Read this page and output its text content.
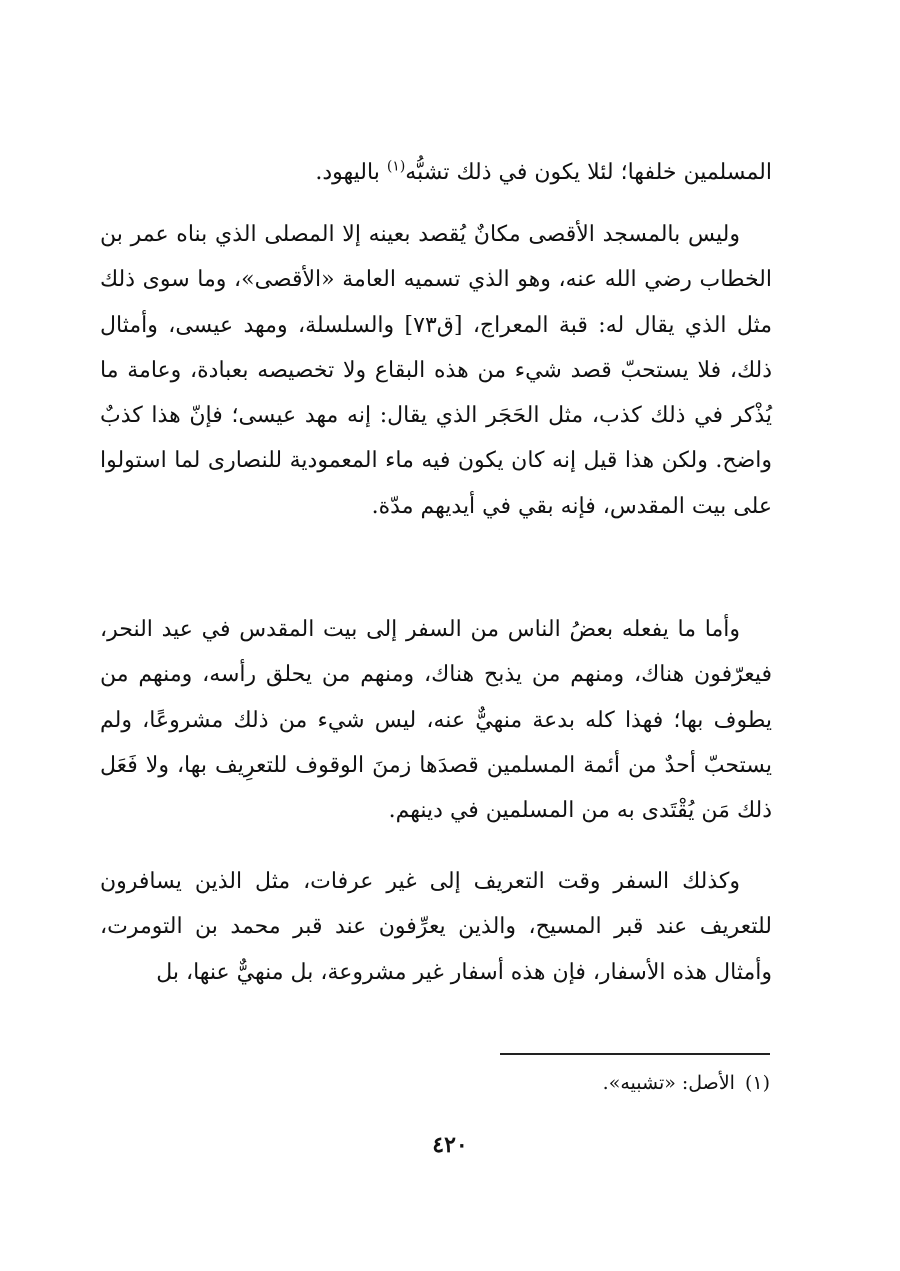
المسلمين خلفها؛ لئلا يكون في ذلك تشبُّه$^{(١)}$ باليهود.

وليس بالمسجد الأقصى مكانٌ يُقصد بعينه إلا المصلى الذي بناه عمر بن الخطاب رضي الله عنه، وهو الذي تسميه العامة «الأقصى»، وما سوى ذلك مثل الذي يقال له: قبة المعراج، [ق٧٣] والسلسلة، ومهد عيسى، وأمثال ذلك، فلا يستحبّ قصد شيء من هذه البقاع ولا تخصيصه بعبادة، وعامة ما يُذْكر في ذلك كذب، مثل الحَجَر الذي يقال: إنه مهد عيسى؛ فإنّ هذا كذبٌ واضح. ولكن هذا قيل إنه كان يكون فيه ماء المعمودية للنصارى لما استولوا على بيت المقدس، فإنه بقي في أيديهم مدّة.

وأما ما يفعله بعضُ الناس من السفر إلى بيت المقدس في عيد النحر، فيعرّفون هناك، ومنهم من يذبح هناك، ومنهم من يحلق رأسه، ومنهم من يطوف بها؛ فهذا كله بدعة منهيٌّ عنه، ليس شيء من ذلك مشروعًا، ولم يستحبّ أحدٌ من أئمة المسلمين قصدَها زمنَ الوقوف للتعرِيف بها، ولا فَعَل ذلك مَن يُقْتَدى به من المسلمين في دينهم.

وكذلك السفر وقت التعريف إلى غير عرفات، مثل الذين يسافرون للتعريف عند قبر المسيح، والذين يعرِّفون عند قبر محمد بن التومرت، وأمثال هذه الأسفار، فإن هذه أسفار غير مشروعة، بل منهيٌّ عنها، بل

(١)الأصل: «تشبيه».
٤٢٠
